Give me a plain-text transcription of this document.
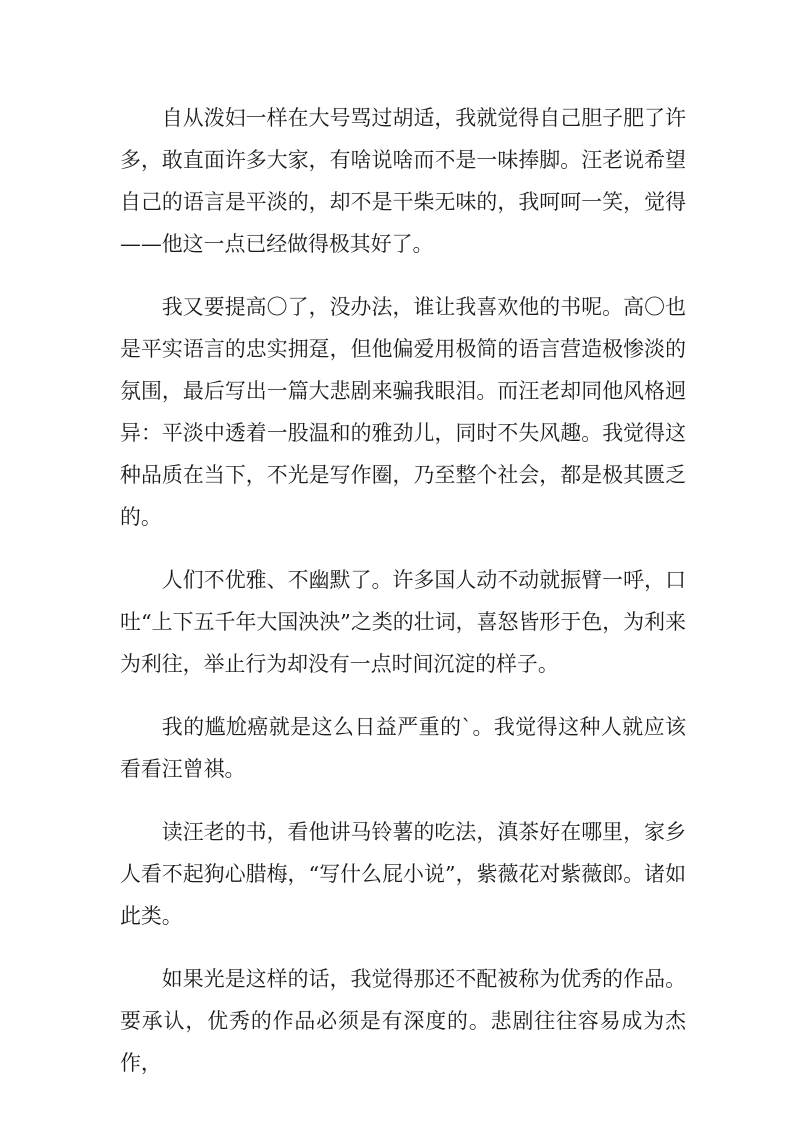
自从泼妇一样在大号骂过胡适，我就觉得自己胆子肥了许多，敢直面许多大家，有啥说啥而不是一味捧脚。汪老说希望自己的语言是平淡的，却不是干柴无味的，我呵呵一笑，觉得——他这一点已经做得极其好了。

我又要提高〇了，没办法，谁让我喜欢他的书呢。高〇也是平实语言的忠实拥趸，但他偏爱用极简的语言营造极惨淡的氛围，最后写出一篇大悲剧来骗我眼泪。而汪老却同他风格迥异：平淡中透着一股温和的雅劲儿，同时不失风趣。我觉得这种品质在当下，不光是写作圈，乃至整个社会，都是极其匮乏的。

人们不优雅、不幽默了。许多国人动不动就振臂一呼，口吐“上下五千年大国泱泱”之类的壮词，喜怒皆形于色，为利来为利往，举止行为却没有一点时间沉淀的样子。

我的尴尬癌就是这么日益严重的`。我觉得这种人就应该看看汪曾祺。

读汪老的书，看他讲马铃薯的吃法，滇茶好在哪里，家乡人看不起狗心腊梅，“写什么屁小说”，紫薇花对紫薇郎。诸如此类。

如果光是这样的话，我觉得那还不配被称为优秀的作品。要承认，优秀的作品必须是有深度的。悲剧往往容易成为杰作，
